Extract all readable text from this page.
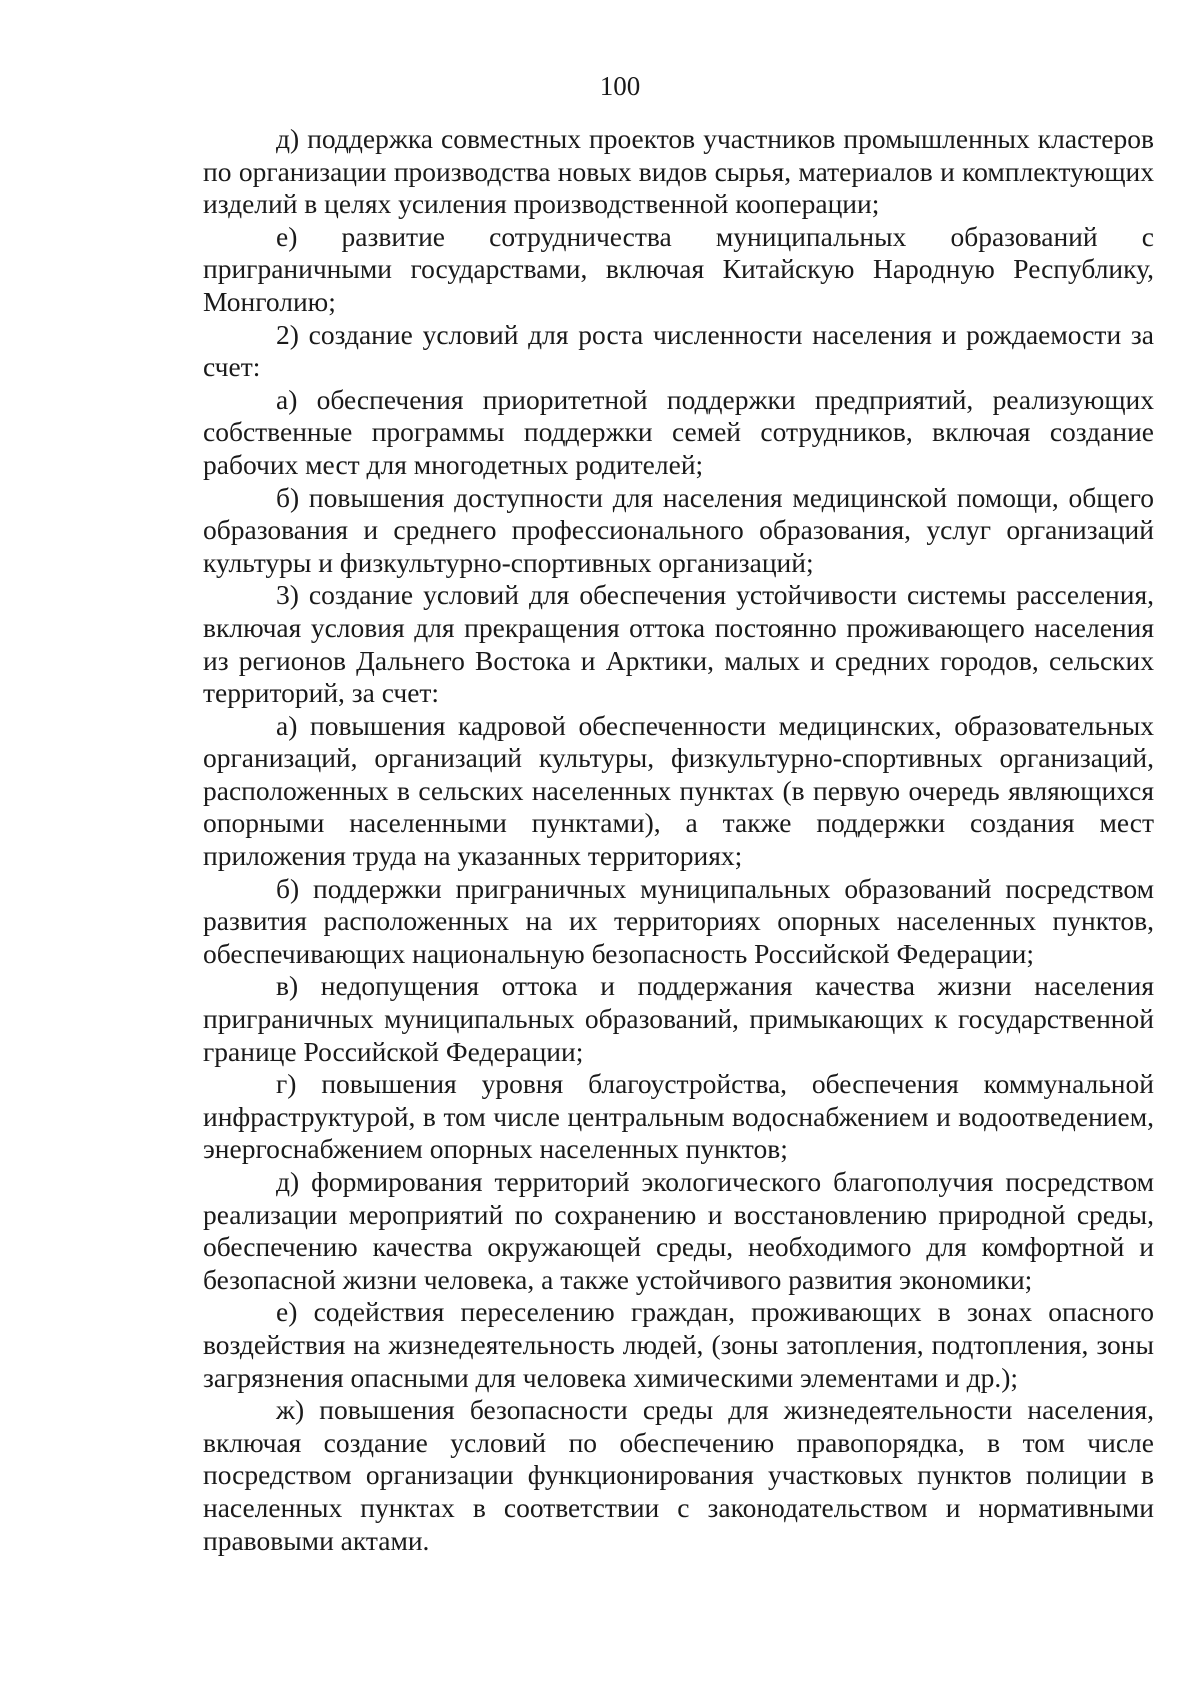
100

д) поддержка совместных проектов участников промышленных кластеров по организации производства новых видов сырья, материалов и комплектующих изделий в целях усиления производственной кооперации;

е) развитие сотрудничества муниципальных образований с приграничными государствами, включая Китайскую Народную Республику, Монголию;

2) создание условий для роста численности населения и рождаемости за счет:

а) обеспечения приоритетной поддержки предприятий, реализующих собственные программы поддержки семей сотрудников, включая создание рабочих мест для многодетных родителей;

б) повышения доступности для населения медицинской помощи, общего образования и среднего профессионального образования, услуг организаций культуры и физкультурно-спортивных организаций;

3) создание условий для обеспечения устойчивости системы расселения, включая условия для прекращения оттока постоянно проживающего населения из регионов Дальнего Востока и Арктики, малых и средних городов, сельских территорий, за счет:

а) повышения кадровой обеспеченности медицинских, образовательных организаций, организаций культуры, физкультурно-спортивных организаций, расположенных в сельских населенных пунктах (в первую очередь являющихся опорными населенными пунктами), а также поддержки создания мест приложения труда на указанных территориях;

б) поддержки приграничных муниципальных образований посредством развития расположенных на их территориях опорных населенных пунктов, обеспечивающих национальную безопасность Российской Федерации;

в) недопущения оттока и поддержания качества жизни населения приграничных муниципальных образований, примыкающих к государственной границе Российской Федерации;

г) повышения уровня благоустройства, обеспечения коммунальной инфраструктурой, в том числе центральным водоснабжением и водоотведением, энергоснабжением опорных населенных пунктов;

д) формирования территорий экологического благополучия посредством реализации мероприятий по сохранению и восстановлению природной среды, обеспечению качества окружающей среды, необходимого для комфортной и безопасной жизни человека, а также устойчивого развития экономики;

е) содействия переселению граждан, проживающих в зонах опасного воздействия на жизнедеятельность людей, (зоны затопления, подтопления, зоны загрязнения опасными для человека химическими элементами и др.);

ж) повышения безопасности среды для жизнедеятельности населения, включая создание условий по обеспечению правопорядка, в том числе посредством организации функционирования участковых пунктов полиции в населенных пунктах в соответствии с законодательством и нормативными правовыми актами.
